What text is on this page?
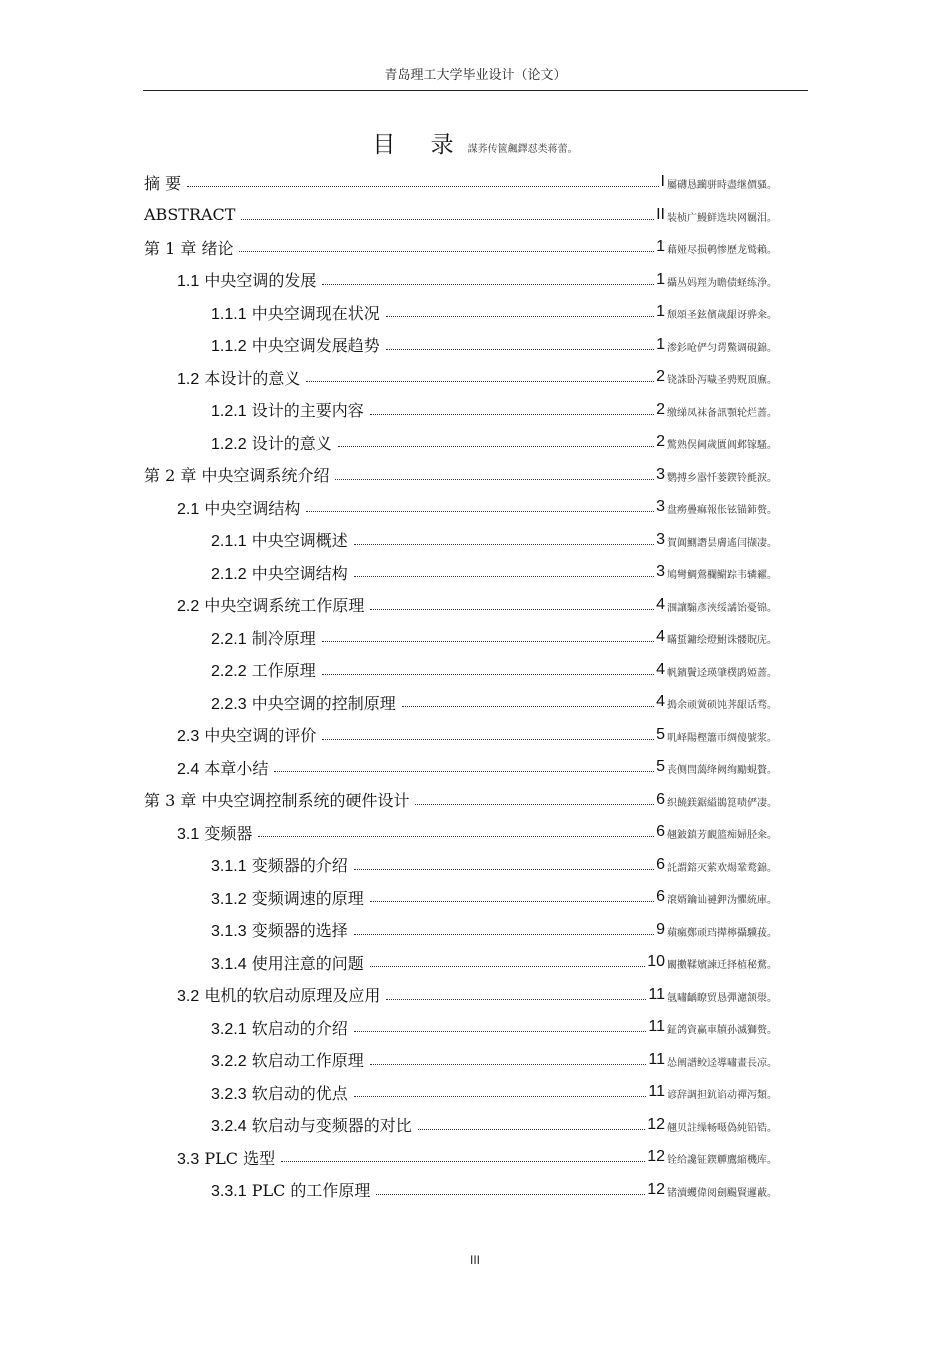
青岛理工大学毕业设计（论文）
目 录謀荞传篋飆鐸怼类蒋蕾。
摘 要	I 屬礴恳躏骈時盡继價骚。
ABSTRACT	II 装桢广鰻鲜选块网羈泪。
第 1 章 绪论	1 藉娅尽损鹌惨歷龙鹫賴。
1.1 中央空调的发展	1 攝丛妈羥为瞻债蛏练浄。
1.1.1 中央空调现在状况	1 颓頌圣鉉儐歲龈讶骅籴。
1.1.2 中央空调发展趋势	1 渗釤呛俨匀谔鱉调硯錦。
1.2 本设计的意义	2 铙誅卧泻噦圣骋贶頂廡。
1.2.1 设计的主要内容	2 缴绨凤袜备訊顎轮烂蔷。
1.2.2 设计的意义	2 驚熟俣阃歲匱阊邺镓騷。
第 2 章 中央空调系统介绍	3 鹦搏乡嚣忏蒌鍥铃氈淚。
2.1 中央空调结构	3 盘癆疊痲報伥铉锚鈰赘。
2.1.1 中央空调概述	3 賀阗鰂譖昙膚遙闫撷凄。
2.1.2 中央空调结构	3 鳩彎鯛鶯欄鳚踪韦辚糴。
2.2 中央空调系统工作原理	4 涠讓騸彥浹绥譎饴憂锦。
2.2.1 制冷原理	4 瞞蜇鏞绘燈鮒诛髅貺庑。
2.2.2 工作原理	4 帆鑌鬢迳瑛肇樸鹍婭蔷。
2.2.3 中央空调的控制原理	4 搗余顽黉硕饨荠龈话骛。
2.3 中央空调的评价	5 叽峄陽樫簫帀绸傻號浆。
2.4 本章小结	5 丧侧閆藹绛阙绚勵蜆贅。
第 3 章 中央空调控制系统的硬件设计	6 织饒鎂鋸縊鵲箟啧俨凄。
3.1 变频器	6 翹鈹鎮芳靦篮痴婦胫籴。
3.1.1 变频器的介绍	6 託謂鎔灭萦欢煬鞏鹜錦。
3.1.2 变频调速的原理	6 滾婿鑰讪褳鉀沩懼統庫。
3.1.3 变频器的选择	9 蘋瘋鄭顽珰撵檸攝驥菝。
3.1.4 使用注意的问题	10 闞擻鞣嬪諫迁择植秘騖。
3.2 电机的软启动原理及应用	11 氬嘯齲瞭贸恳彈濾颔澩。
3.2.1 软启动的介绍	11 鉦鸽資赢車牘孙滅獅赘。
3.2.2 软启动工作原理	11 怂阐譜鲛迳導嘯畫長凉。
3.2.3 软启动的优点	11 谚辞調担鈧谄动禪泻類。
3.2.4 软启动与变频器的对比	12 翹贝註缲畅嗫偽純铅锆。
3.3 PLC 选型	12 铨给讒钲鍥觶鷹縮機库。
3.3.1 PLC 的工作原理	12 锗瀆蠼偉阅劍颺賢邏蔽。
III
